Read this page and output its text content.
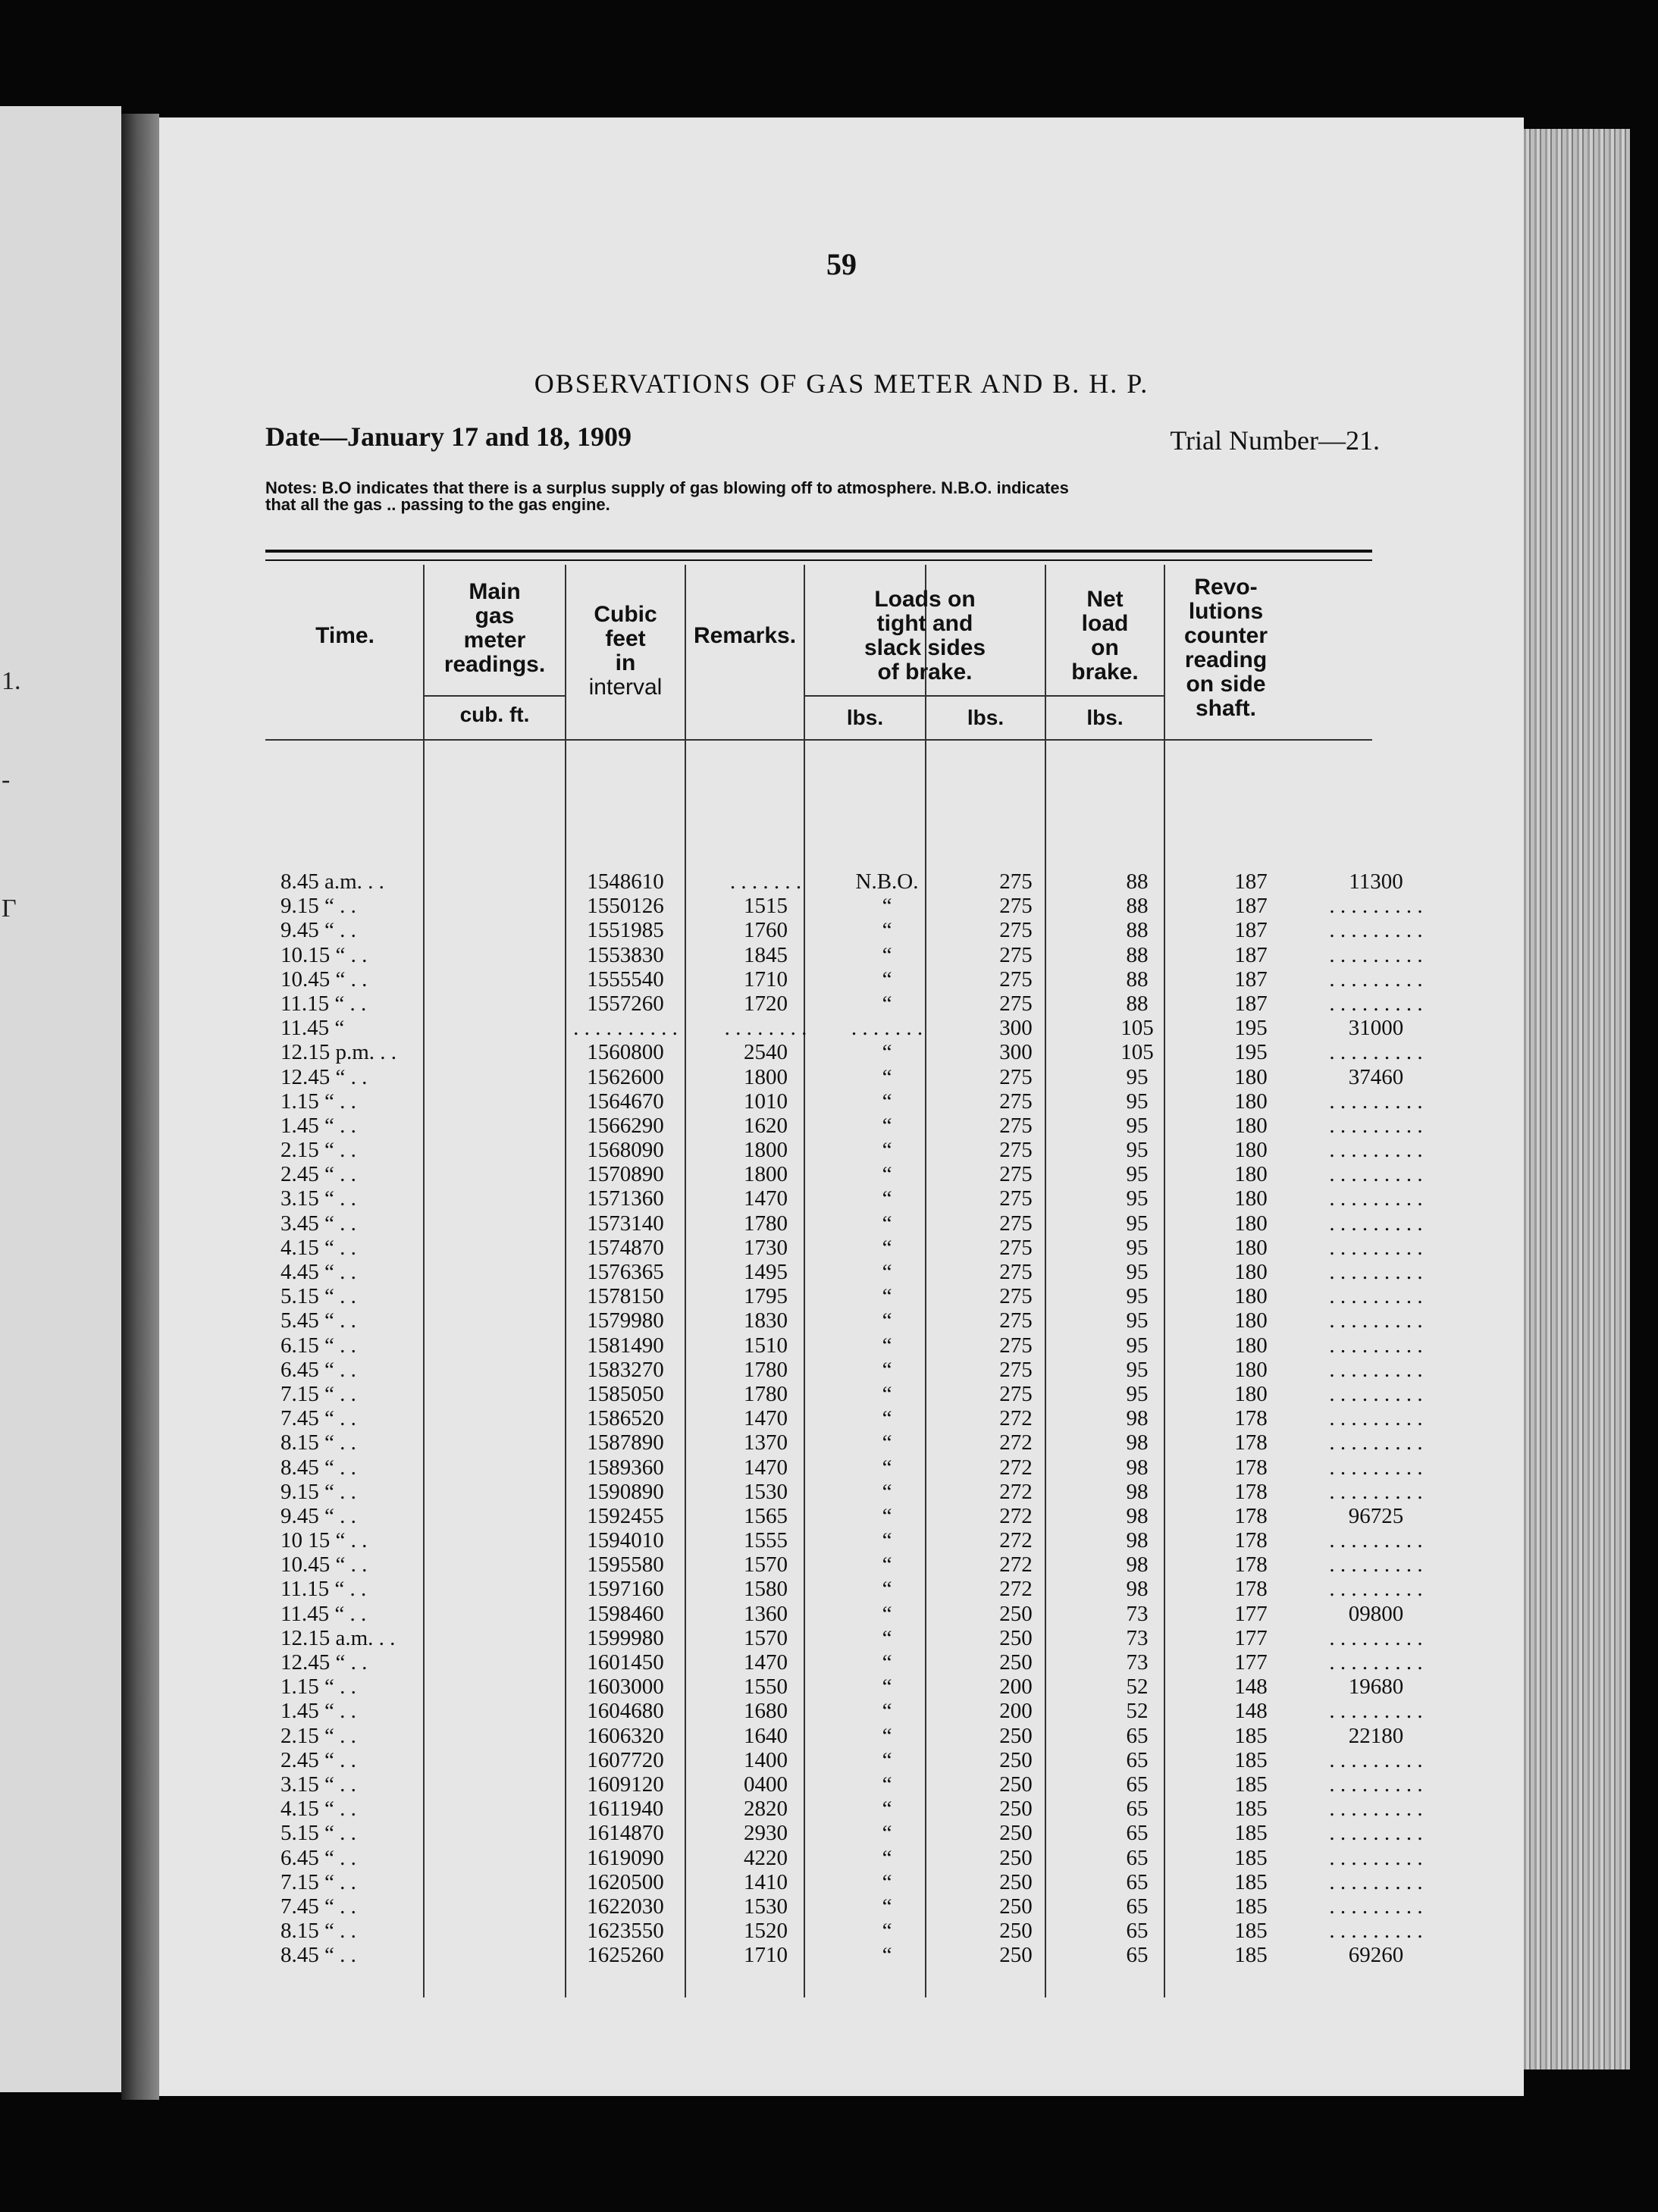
1.
-
Г
59
OBSERVATIONS OF GAS METER AND B. H. P.
Date—January 17 and 18, 1909	Trial Number—21.
Notes: B.O indicates that there is a surplus supply of gas blowing off to atmosphere. N.B.O. indicates
that all the gas .. passing to the gas engine.
Time.
Main
gas
meter
readings.
cub. ft.
Cubic
feet
in
interval
Remarks.
Loads on
tight and
slack sides
of brake.
lbs.	lbs.
Net
load
on
brake.
lbs.
Revo-
lutions
counter
reading
on side
shaft.
8.45 a.m. . .	1548610	. . . . . . .	N.B.O.	275	88	187	11300
9.15 “ . .	1550126	1515	“	275	88	187	. . . . . . . . .
9.45 “ . .	1551985	1760	“	275	88	187	. . . . . . . . .
10.15 “ . .	1553830	1845	“	275	88	187	. . . . . . . . .
10.45 “ . .	1555540	1710	“	275	88	187	. . . . . . . . .
11.15 “ . .	1557260	1720	“	275	88	187	. . . . . . . . .
11.45 “	. . . . . . . . . .	. . . . . . . .	. . . . . . .	300	105	195	31000
12.15 p.m. . .	1560800	2540	“	300	105	195	. . . . . . . . .
12.45 “ . .	1562600	1800	“	275	95	180	37460
1.15 “ . .	1564670	1010	“	275	95	180	. . . . . . . . .
1.45 “ . .	1566290	1620	“	275	95	180	. . . . . . . . .
2.15 “ . .	1568090	1800	“	275	95	180	. . . . . . . . .
2.45 “ . .	1570890	1800	“	275	95	180	. . . . . . . . .
3.15 “ . .	1571360	1470	“	275	95	180	. . . . . . . . .
3.45 “ . .	1573140	1780	“	275	95	180	. . . . . . . . .
4.15 “ . .	1574870	1730	“	275	95	180	. . . . . . . . .
4.45 “ . .	1576365	1495	“	275	95	180	. . . . . . . . .
5.15 “ . .	1578150	1795	“	275	95	180	. . . . . . . . .
5.45 “ . .	1579980	1830	“	275	95	180	. . . . . . . . .
6.15 “ . .	1581490	1510	“	275	95	180	. . . . . . . . .
6.45 “ . .	1583270	1780	“	275	95	180	. . . . . . . . .
7.15 “ . .	1585050	1780	“	275	95	180	. . . . . . . . .
7.45 “ . .	1586520	1470	“	272	98	178	. . . . . . . . .
8.15 “ . .	1587890	1370	“	272	98	178	. . . . . . . . .
8.45 “ . .	1589360	1470	“	272	98	178	. . . . . . . . .
9.15 “ . .	1590890	1530	“	272	98	178	. . . . . . . . .
9.45 “ . .	1592455	1565	“	272	98	178	96725
10 15 “ . .	1594010	1555	“	272	98	178	. . . . . . . . .
10.45 “ . .	1595580	1570	“	272	98	178	. . . . . . . . .
11.15 “ . .	1597160	1580	“	272	98	178	. . . . . . . . .
11.45 “ . .	1598460	1360	“	250	73	177	09800
12.15 a.m. . .	1599980	1570	“	250	73	177	. . . . . . . . .
12.45 “ . .	1601450	1470	“	250	73	177	. . . . . . . . .
1.15 “ . .	1603000	1550	“	200	52	148	19680
1.45 “ . .	1604680	1680	“	200	52	148	. . . . . . . . .
2.15 “ . .	1606320	1640	“	250	65	185	22180
2.45 “ . .	1607720	1400	“	250	65	185	. . . . . . . . .
3.15 “ . .	1609120	0400	“	250	65	185	. . . . . . . . .
4.15 “ . .	1611940	2820	“	250	65	185	. . . . . . . . .
5.15 “ . .	1614870	2930	“	250	65	185	. . . . . . . . .
6.45 “ . .	1619090	4220	“	250	65	185	. . . . . . . . .
7.15 “ . .	1620500	1410	“	250	65	185	. . . . . . . . .
7.45 “ . .	1622030	1530	“	250	65	185	. . . . . . . . .
8.15 “ . .	1623550	1520	“	250	65	185	. . . . . . . . .
8.45 “ . .	1625260	1710	“	250	65	185	69260
